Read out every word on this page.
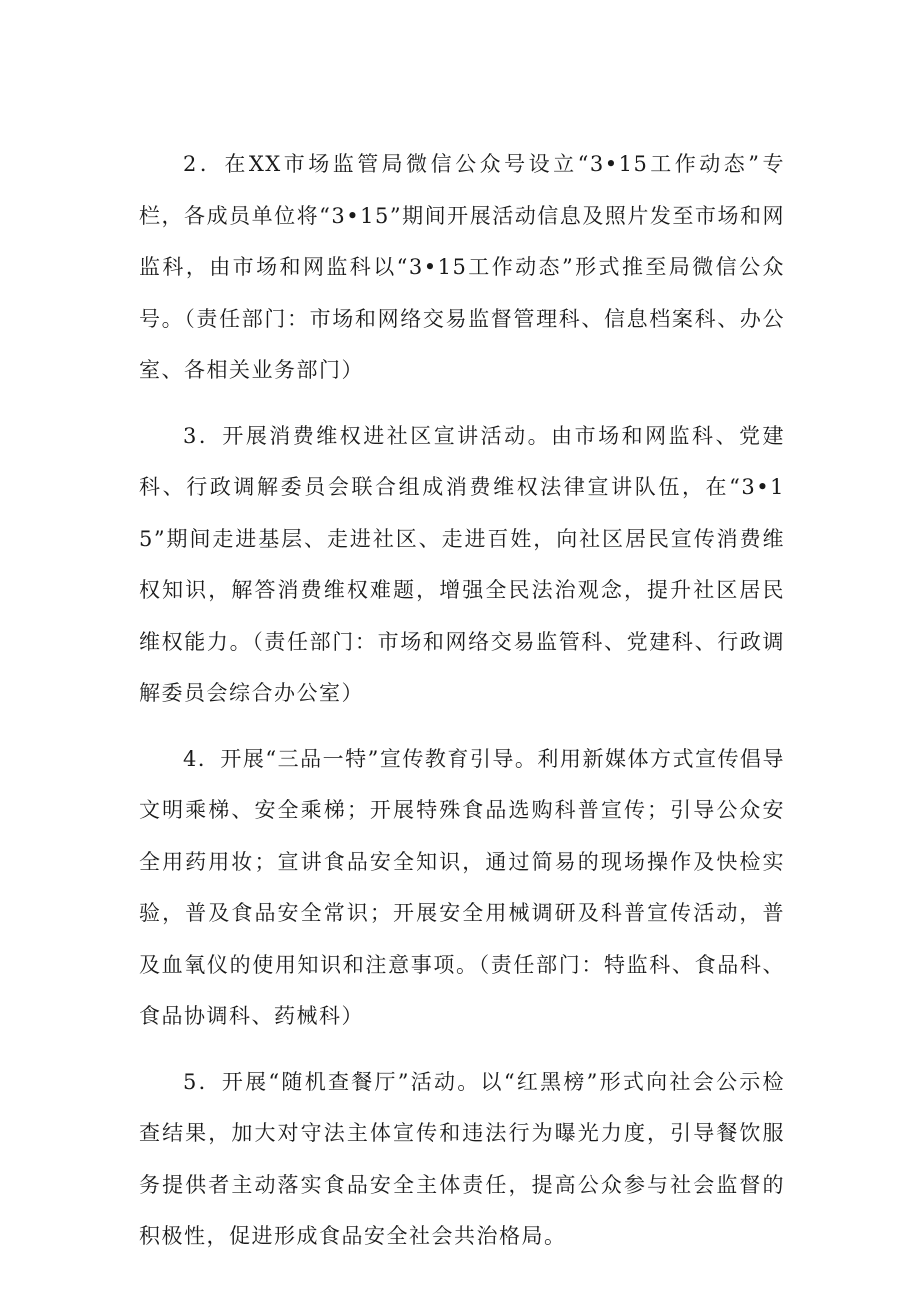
2．在XX市场监管局微信公众号设立“3•15工作动态”专栏，各成员单位将“3•15”期间开展活动信息及照片发至市场和网监科，由市场和网监科以“3•15工作动态”形式推至局微信公众号。（责任部门：市场和网络交易监督管理科、信息档案科、办公室、各相关业务部门）

3．开展消费维权进社区宣讲活动。由市场和网监科、党建科、行政调解委员会联合组成消费维权法律宣讲队伍，在“3•15”期间走进基层、走进社区、走进百姓，向社区居民宣传消费维权知识，解答消费维权难题，增强全民法治观念，提升社区居民维权能力。（责任部门：市场和网络交易监管科、党建科、行政调解委员会综合办公室）

4．开展“三品一特”宣传教育引导。利用新媒体方式宣传倡导文明乘梯、安全乘梯；开展特殊食品选购科普宣传；引导公众安全用药用妆；宣讲食品安全知识，通过简易的现场操作及快检实验，普及食品安全常识；开展安全用械调研及科普宣传活动，普及血氧仪的使用知识和注意事项。（责任部门：特监科、食品科、食品协调科、药械科）

5．开展“随机查餐厅”活动。以“红黑榜”形式向社会公示检查结果，加大对守法主体宣传和违法行为曝光力度，引导餐饮服务提供者主动落实食品安全主体责任，提高公众参与社会监督的积极性，促进形成食品安全社会共治格局。
